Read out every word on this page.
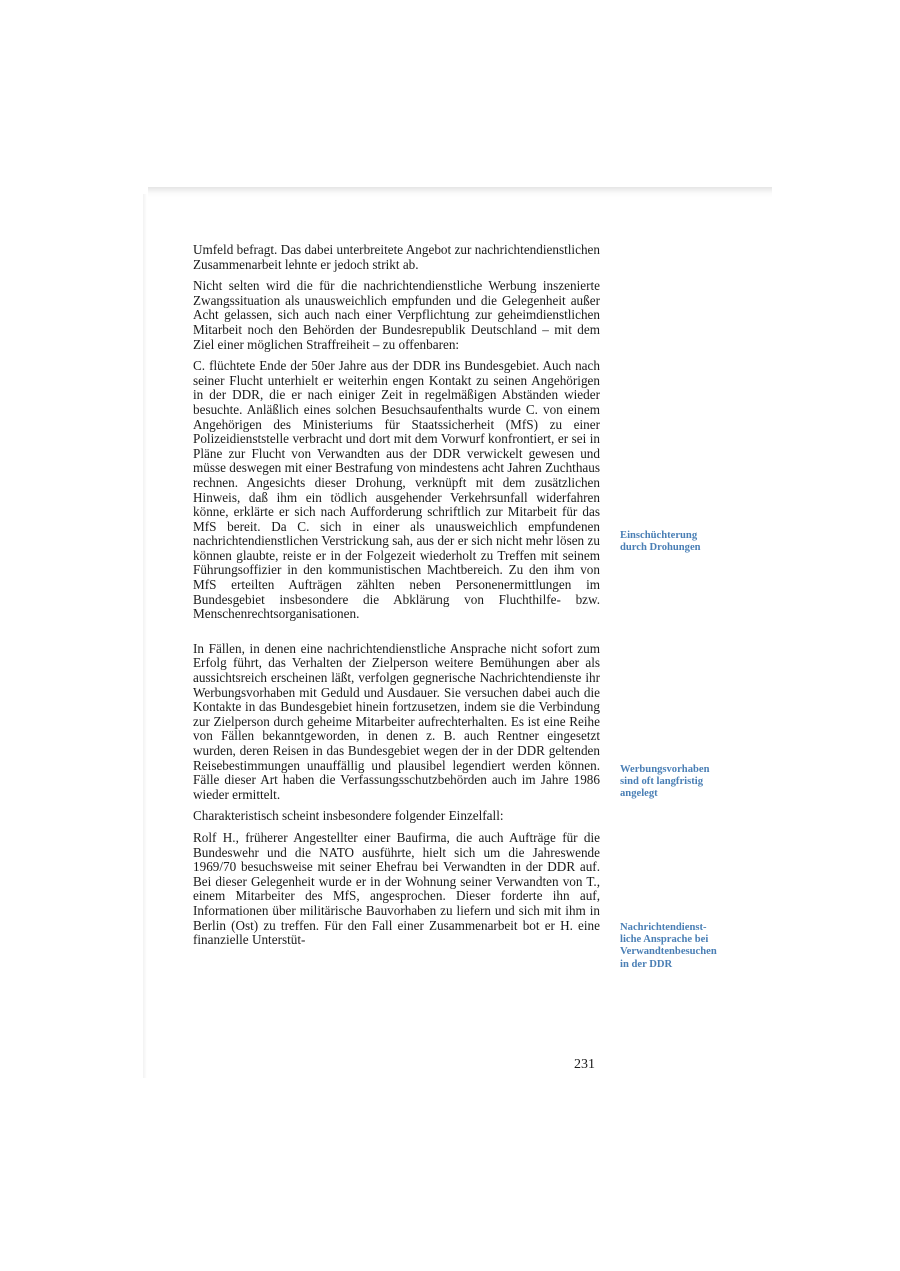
Umfeld befragt. Das dabei unterbreitete Angebot zur nachrichtendienstlichen Zusammenarbeit lehnte er jedoch strikt ab.

Nicht selten wird die für die nachrichtendienstliche Werbung inszenierte Zwangssituation als unausweichlich empfunden und die Gelegenheit außer Acht gelassen, sich auch nach einer Verpflichtung zur geheimdienstlichen Mitarbeit noch den Behörden der Bundesrepublik Deutschland – mit dem Ziel einer möglichen Straffreiheit – zu offenbaren:

C. flüchtete Ende der 50er Jahre aus der DDR ins Bundesgebiet. Auch nach seiner Flucht unterhielt er weiterhin engen Kontakt zu seinen Angehörigen in der DDR, die er nach einiger Zeit in regelmäßigen Abständen wieder besuchte. Anläßlich eines solchen Besuchsaufenthalts wurde C. von einem Angehörigen des Ministeriums für Staatssicherheit (MfS) zu einer Polizeidienststelle verbracht und dort mit dem Vorwurf konfrontiert, er sei in Pläne zur Flucht von Verwandten aus der DDR verwickelt gewesen und müsse deswegen mit einer Bestrafung von mindestens acht Jahren Zuchthaus rechnen. Angesichts dieser Drohung, verknüpft mit dem zusätzlichen Hinweis, daß ihm ein tödlich ausgehender Verkehrsunfall widerfahren könne, erklärte er sich nach Aufforderung schriftlich zur Mitarbeit für das MfS bereit. Da C. sich in einer als unausweichlich empfundenen nachrichtendienstlichen Verstrickung sah, aus der er sich nicht mehr lösen zu können glaubte, reiste er in der Folgezeit wiederholt zu Treffen mit seinem Führungsoffizier in den kommunistischen Machtbereich. Zu den ihm von MfS erteilten Aufträgen zählten neben Personenermittlungen im Bundesgebiet insbesondere die Abklärung von Fluchthilfe- bzw. Menschenrechtsorganisationen.

In Fällen, in denen eine nachrichtendienstliche Ansprache nicht sofort zum Erfolg führt, das Verhalten der Zielperson weitere Bemühungen aber als aussichtsreich erscheinen läßt, verfolgen gegnerische Nachrichtendienste ihr Werbungsvorhaben mit Geduld und Ausdauer. Sie versuchen dabei auch die Kontakte in das Bundesgebiet hinein fortzusetzen, indem sie die Verbindung zur Zielperson durch geheime Mitarbeiter aufrechterhalten. Es ist eine Reihe von Fällen bekanntgeworden, in denen z. B. auch Rentner eingesetzt wurden, deren Reisen in das Bundesgebiet wegen der in der DDR geltenden Reisebestimmungen unauffällig und plausibel legendiert werden können. Fälle dieser Art haben die Verfassungsschutzbehörden auch im Jahre 1986 wieder ermittelt.

Charakteristisch scheint insbesondere folgender Einzelfall:

Rolf H., früherer Angestellter einer Baufirma, die auch Aufträge für die Bundeswehr und die NATO ausführte, hielt sich um die Jahreswende 1969/70 besuchsweise mit seiner Ehefrau bei Verwandten in der DDR auf. Bei dieser Gelegenheit wurde er in der Wohnung seiner Verwandten von T., einem Mitarbeiter des MfS, angesprochen. Dieser forderte ihn auf, Informationen über militärische Bauvorhaben zu liefern und sich mit ihm in Berlin (Ost) zu treffen. Für den Fall einer Zusammenarbeit bot er H. eine finanzielle Unterstüt-

Einschüchterung
durch Drohungen
Werbungsvorhaben
sind oft langfristig
angelegt
Nachrichtendienst-
liche Ansprache bei
Verwandtenbesuchen
in der DDR
231
